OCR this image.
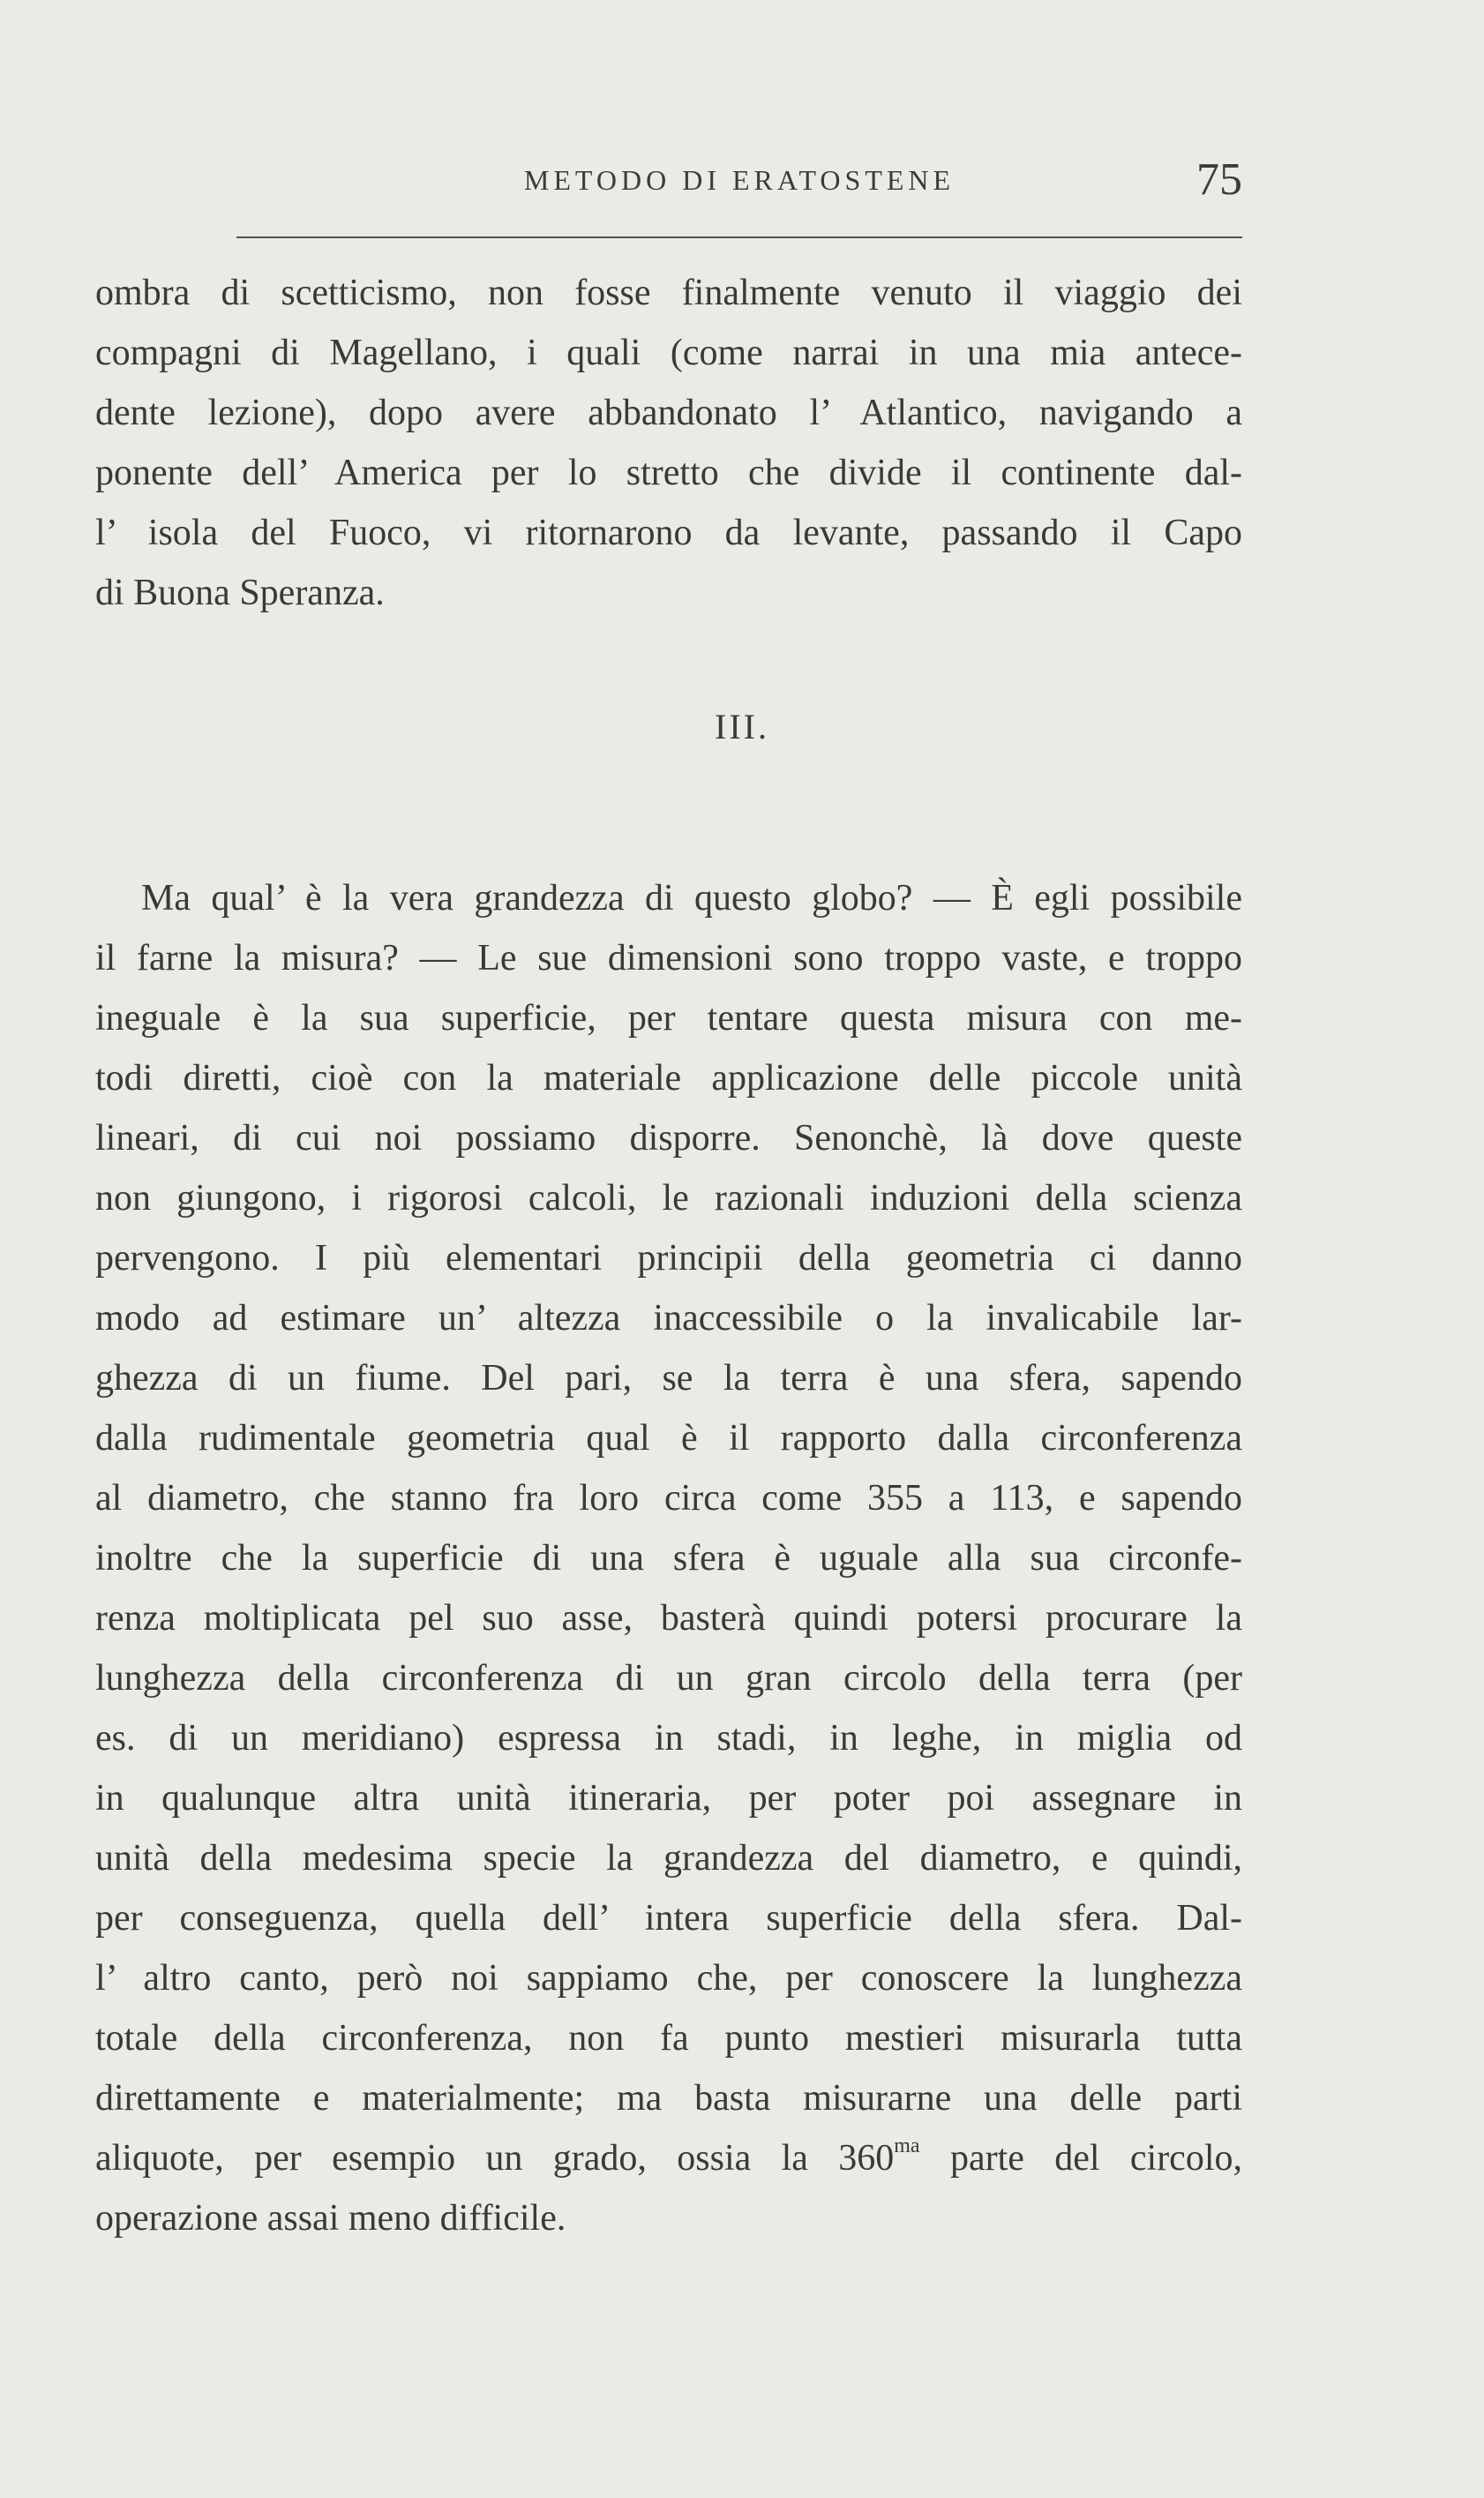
METODO DI ERATOSTENE	75
ombra di scetticismo, non fosse finalmente venuto il viaggio dei
compagni di Magellano, i quali (come narrai in una mia antece-
dente lezione), dopo avere abbandonato l’ Atlantico, navigando a
ponente dell’ America per lo stretto che divide il continente dal-
l’ isola del Fuoco, vi ritornarono da levante, passando il Capo
di Buona Speranza.
III.
Ma qual’ è la vera grandezza di questo globo? — È egli possibile
il farne la misura? — Le sue dimensioni sono troppo vaste, e troppo
ineguale è la sua superficie, per tentare questa misura con me-
todi diretti, cioè con la materiale applicazione delle piccole unità
lineari, di cui noi possiamo disporre. Senonchè, là dove queste
non giungono, i rigorosi calcoli, le razionali induzioni della scienza
pervengono. I più elementari principii della geometria ci danno
modo ad estimare un’ altezza inaccessibile o la invalicabile lar-
ghezza di un fiume. Del pari, se la terra è una sfera, sapendo
dalla rudimentale geometria qual è il rapporto dalla circonferenza
al diametro, che stanno fra loro circa come 355 a 113, e sapendo
inoltre che la superficie di una sfera è uguale alla sua circonfe-
renza moltiplicata pel suo asse, basterà quindi potersi procurare la
lunghezza della circonferenza di un gran circolo della terra (per
es. di un meridiano) espressa in stadi, in leghe, in miglia od
in qualunque altra unità itineraria, per poter poi assegnare in
unità della medesima specie la grandezza del diametro, e quindi,
per conseguenza, quella dell’ intera superficie della sfera. Dal-
l’ altro canto, però noi sappiamo che, per conoscere la lunghezza
totale della circonferenza, non fa punto mestieri misurarla tutta
direttamente e materialmente; ma basta misurarne una delle parti
aliquote, per esempio un grado, ossia la $360^{ma}$ parte del circolo,
operazione assai meno difficile.
